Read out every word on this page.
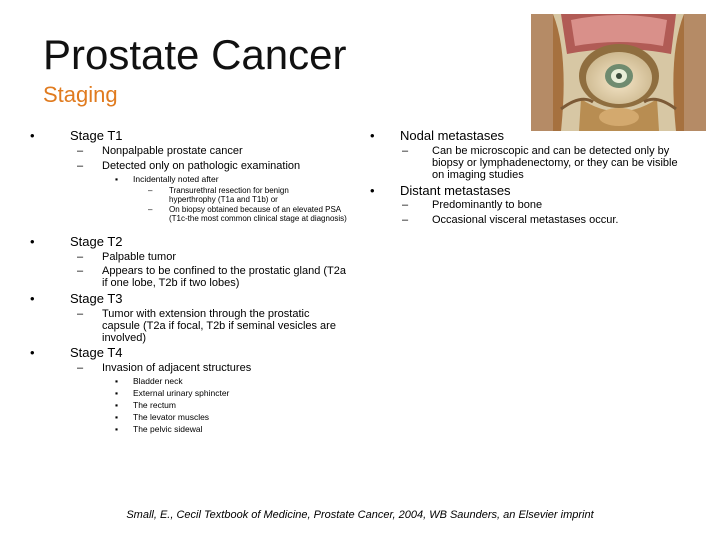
Prostate Cancer
Staging
•	Stage T1
–	Nonpalpable prostate cancer
–	Detected only on pathologic examination
▪	Incidentally noted after
–	Transurethral resection for benign hyperthrophy (T1a and T1b) or
–	On biopsy obtained because of an elevated PSA (T1c-the most common clinical stage at diagnosis)
•	Stage T2
–	Palpable tumor
–	Appears to be confined to the prostatic gland (T2a if one lobe, T2b if two lobes)
•	Stage T3
–	Tumor with extension through the prostatic capsule (T2a if focal, T2b if seminal vesicles are involved)
•	Stage T4
–	Invasion of adjacent structures
▪	Bladder neck
▪	External urinary sphincter
▪	The rectum
▪	The levator muscles
▪	The pelvic sidewal
•	Nodal metastases
–	Can be microscopic and can be detected only by biopsy or lymphadenectomy, or they can be visible on imaging studies
•	Distant metastases
–	Predominantly to bone
–	Occasional visceral metastases occur.
Small, E., Cecil Textbook of Medicine, Prostate Cancer, 2004, WB Saunders, an Elsevier imprint
